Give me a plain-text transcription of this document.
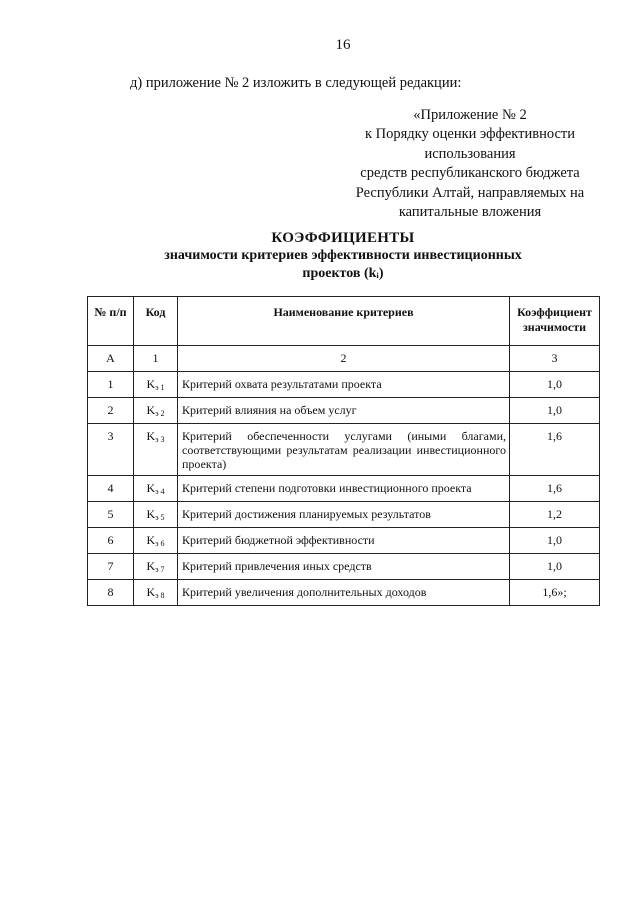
16
д) приложение № 2 изложить в следующей редакции:
«Приложение № 2
к Порядку оценки эффективности
использования
средств республиканского бюджета
Республики Алтай, направляемых на
капитальные вложения
КОЭФФИЦИЕНТЫ
значимости критериев эффективности инвестиционных
проектов (kᵢ)
№ п/п	Код	Наименование критериев	Коэффициент значимости
А	1	2	3
1	$K_{э 1}$	Критерий охвата результатами проекта	1,0
2	$K_{э 2}$	Критерий влияния на объем услуг	1,0
3	$K_{э 3}$	Критерий обеспеченности услугами (иными благами, соответствующими результатам реализации инвестиционного проекта)	1,6
4	$K_{э 4}$	Критерий степени подготовки инвестиционного проекта	1,6
5	$K_{э 5}$	Критерий достижения планируемых результатов	1,2
6	$K_{э 6}$	Критерий бюджетной эффективности	1,0
7	$K_{э 7}$	Критерий привлечения иных средств	1,0
8	$K_{э 8}$	Критерий увеличения дополнительных доходов	1,6»;
